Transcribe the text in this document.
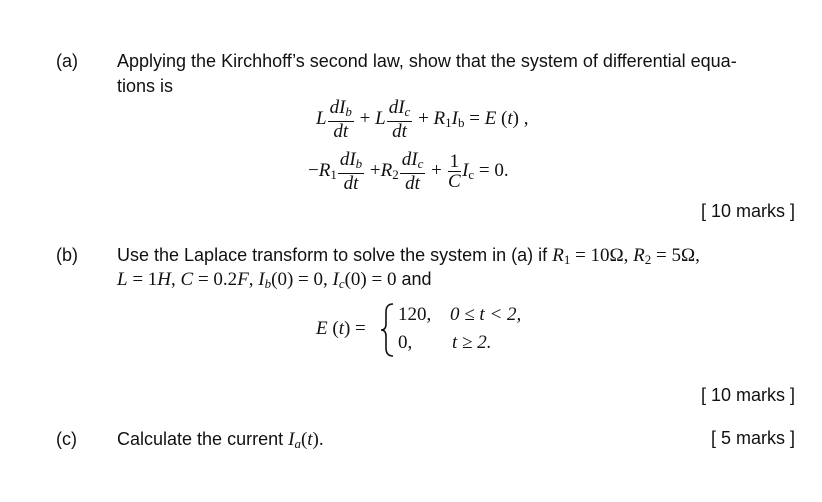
(a) Applying the Kirchhoff’s second law, show that the system of differential equa-
tions is
L $\frac{dI_b}{dt} + L \frac{dI_c}{dt} + R_1I_b = E$ (t) ,
$-R_1 \frac{dI_b}{dt} +R_2 \frac{dI_c}{dt} + \frac{1}{C} I_c = 0$.
[ 10 marks ]
(b) Use the Laplace transform to solve the system in (a) if $R_1 = 10\Omega$, $R_2 = 5\Omega$,
L = 1H, C = 0.2F, $I_b(0) = 0$, $I_c(0) = 0$ and
E (t) =
120, 0 ≤ t < 2,
0, t ≥ 2.
[ 10 marks ]
(c) Calculate the current $I_a(t)$.	[ 5 marks ]
